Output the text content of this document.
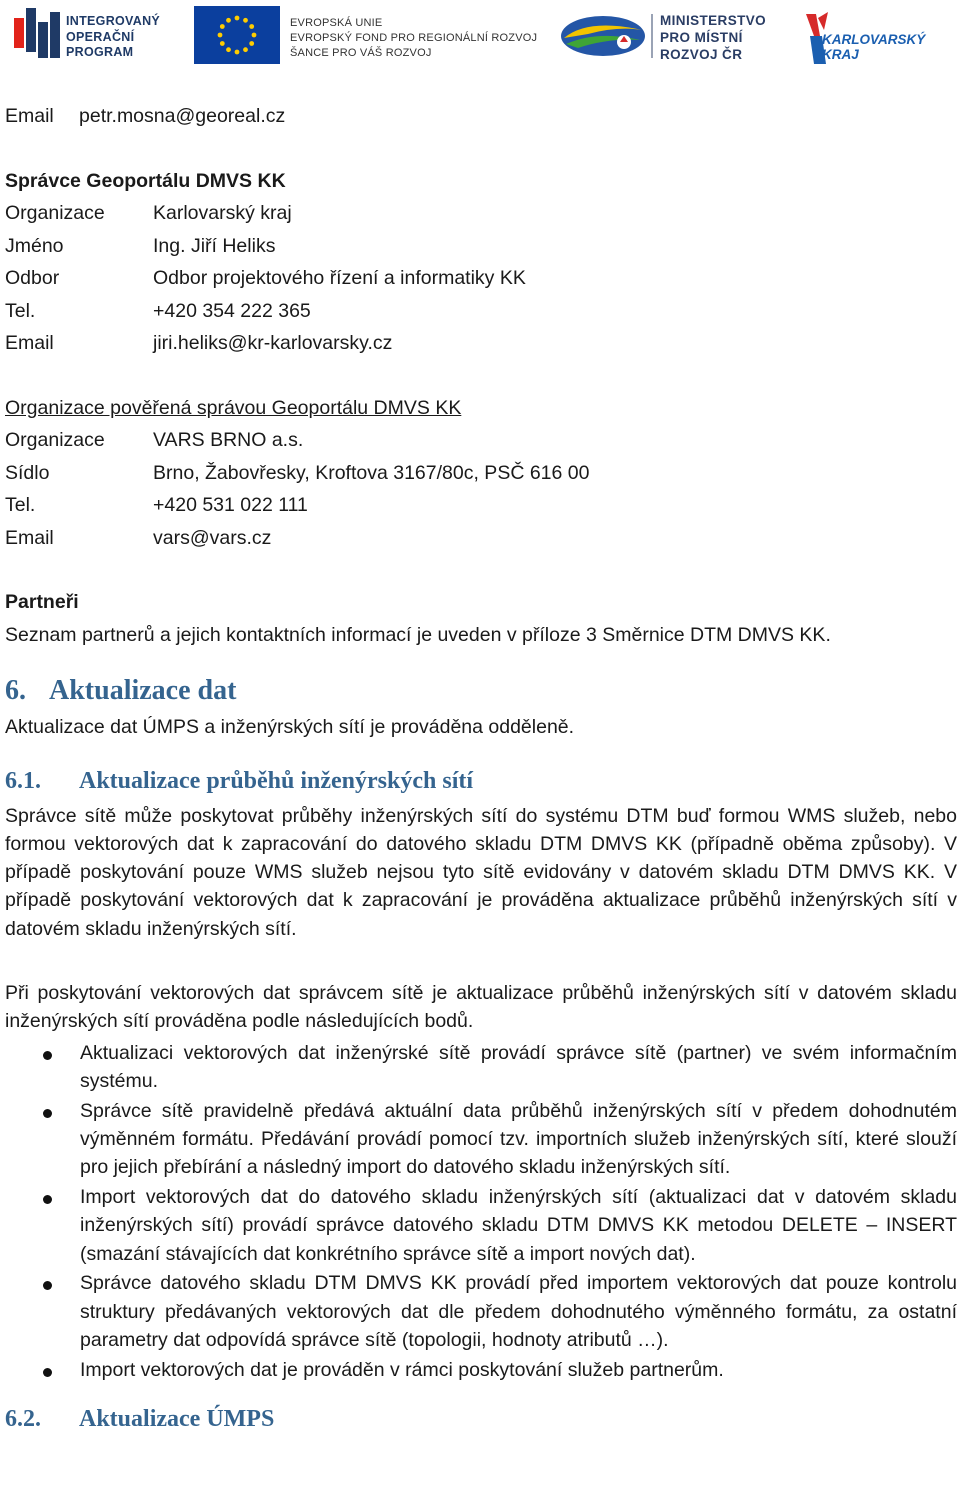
INTEGROVANÝ
OPERAČNÍ
PROGRAM
EVROPSKÁ UNIE
EVROPSKÝ FOND PRO REGIONÁLNÍ ROZVOJ
ŠANCE PRO VÁŠ ROZVOJ
MINISTERSTVO
PRO MÍSTNÍ
ROZVOJ ČR
KARLOVARSKÝ
KRAJ
Email petr.mosna@georeal.cz
Správce Geoportálu DMVS KK
Organizace Karlovarský kraj
Jméno	Ing. Jiří Heliks
Odbor	Odbor projektového řízení a informatiky KK
Tel.	+420 354 222 365
Email	jiri.heliks@kr-karlovarsky.cz
Organizace pověřená správou Geoportálu DMVS KK
Organizace VARS BRNO a.s.
Sídlo	Brno, Žabovřesky, Kroftova 3167/80c, PSČ 616 00
Tel.	+420 531 022 111
Email	vars@vars.cz
Partneři
Seznam partnerů a jejich kontaktních informací je uveden v příloze 3 Směrnice DTM DMVS KK.
6. Aktualizace dat
Aktualizace dat ÚMPS a inženýrských sítí je prováděna odděleně.
6.1. Aktualizace průběhů inženýrských sítí
Správce sítě může poskytovat průběhy inženýrských sítí do systému DTM buď formou WMS služeb, nebo formou vektorových dat k zapracování do datového skladu DTM DMVS KK (případně oběma způsoby). V případě poskytování pouze WMS služeb nejsou tyto sítě evidovány v datovém skladu DTM DMVS KK. V případě poskytování vektorových dat k zapracování je prováděna aktualizace průběhů inženýrských sítí v datovém skladu inženýrských sítí.
Při poskytování vektorových dat správcem sítě je aktualizace průběhů inženýrských sítí v datovém skladu inženýrských sítí prováděna podle následujících bodů.
Aktualizaci vektorových dat inženýrské sítě provádí správce sítě (partner) ve svém informačním systému.
Správce sítě pravidelně předává aktuální data průběhů inženýrských sítí v předem dohodnutém výměnném formátu. Předávání provádí pomocí tzv. importních služeb inženýrských sítí, které slouží pro jejich přebírání a následný import do datového skladu inženýrských sítí.
Import vektorových dat do datového skladu inženýrských sítí (aktualizaci dat v datovém skladu inženýrských sítí) provádí správce datového skladu DTM DMVS KK metodou DELETE – INSERT (smazání stávajících dat konkrétního správce sítě a import nových dat).
Správce datového skladu DTM DMVS KK provádí před importem vektorových dat pouze kontrolu struktury předávaných vektorových dat dle předem dohodnutého výměnného formátu, za ostatní parametry dat odpovídá správce sítě (topologii, hodnoty atributů …).
Import vektorových dat je prováděn v rámci poskytování služeb partnerům.
6.2. Aktualizace ÚMPS
